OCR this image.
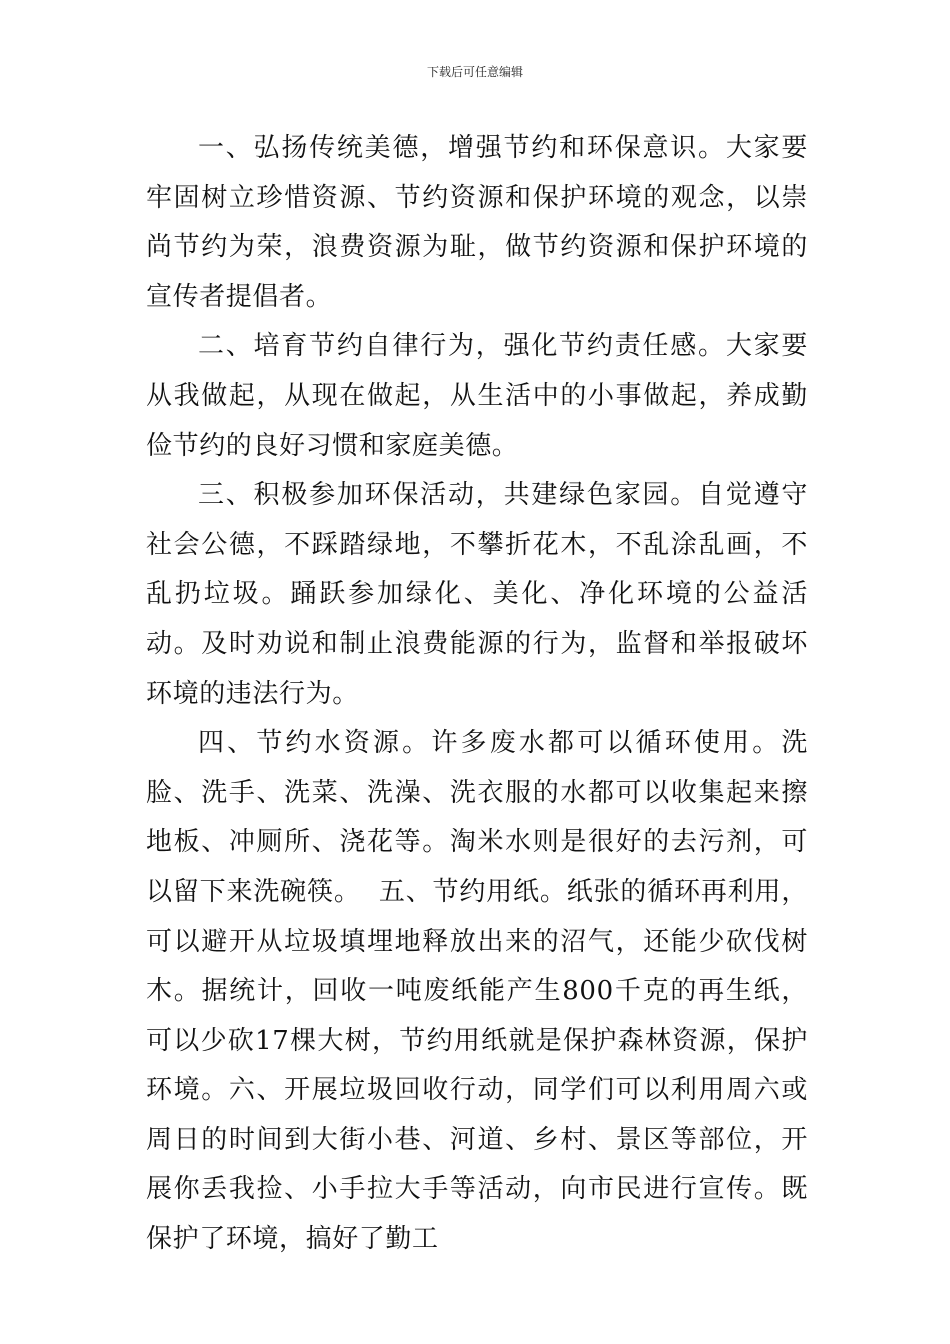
下载后可任意编辑

一、弘扬传统美德，增强节约和环保意识。大家要牢固树立珍惜资源、节约资源和保护环境的观念，以崇尚节约为荣，浪费资源为耻，做节约资源和保护环境的宣传者提倡者。

二、培育节约自律行为，强化节约责任感。大家要从我做起，从现在做起，从生活中的小事做起，养成勤 俭节约的良好习惯和家庭美德。

三、积极参加环保活动，共建绿色家园。自觉遵守社会公德，不踩踏绿地，不攀折花木，不乱涂乱画，不 乱扔垃圾。踊跃参加绿化、美化、净化环境的公益活动。及时劝说和制止浪费能源的行为，监督和举报破坏环境的违法行为。

四、节约水资源。许多废水都可以循环使用。洗脸、洗手、洗菜、洗澡、洗衣服的水都可以收集起来擦地板、冲厕所、浇花等。淘米水则是很好的去污剂，可以留下来洗碗筷。  五、节约用纸。纸张的循环再利用，可以避开从垃圾填埋地释放出来的沼气，还能少砍伐树木。据统计，回收一吨废纸能产生800千克的再生纸，可以少砍17棵大树，节约用纸就是保护森林资源，保护环境。六、开展垃圾回收行动，同学们可以利用周六或周日的时间到大街小巷、河道、乡村、景区等部位，开展你丢我捡、小手拉大手等活动，向市民进行宣传。既保护了环境，搞好了勤工
